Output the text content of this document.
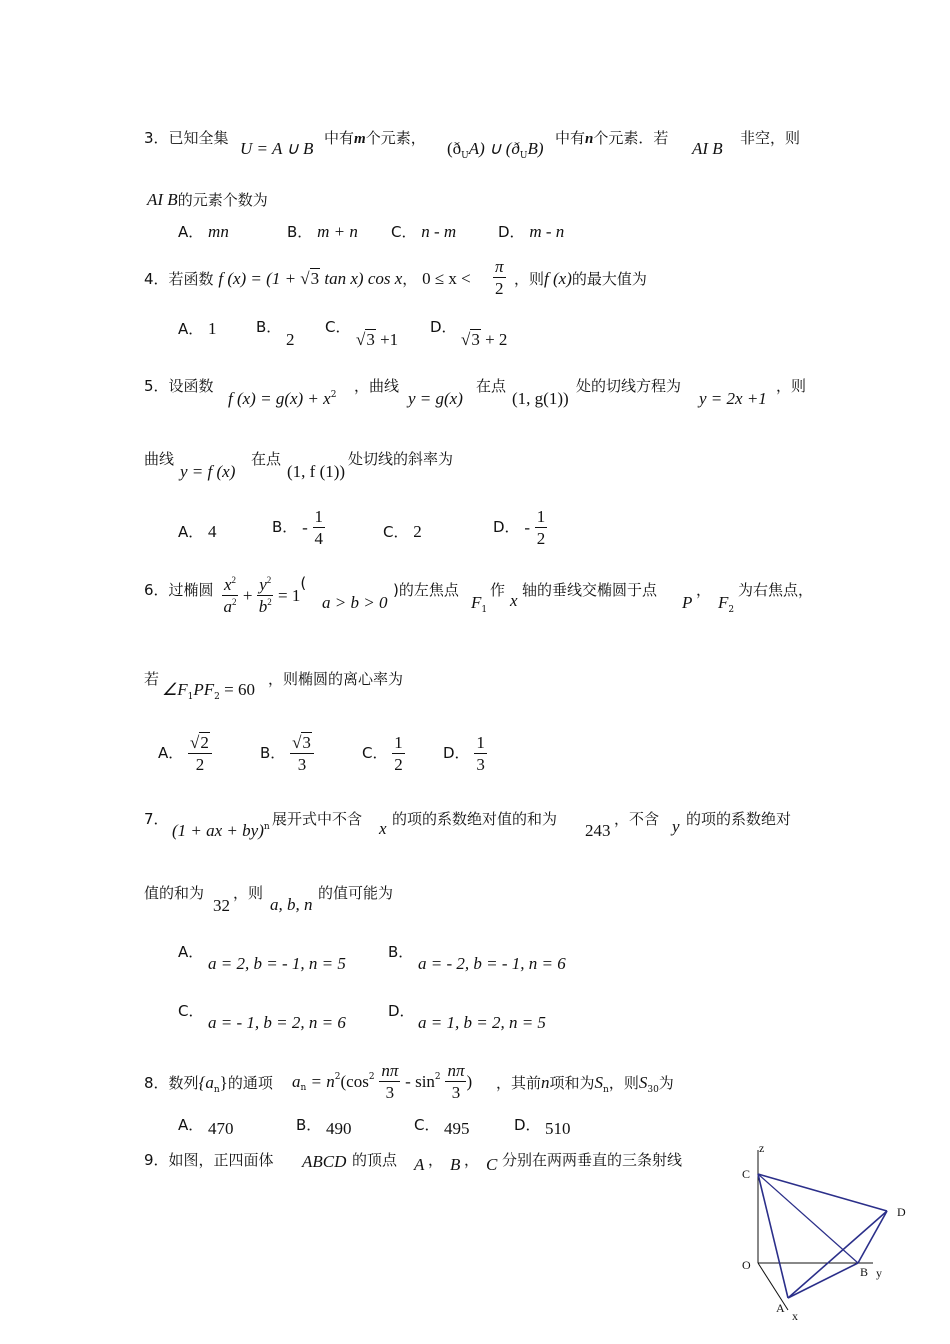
3．已知全集
U = A ∪ B
中有m个元素，
$(ð_UA)$ ∪ $(ð_UB)$
中有n个元素．若
AI B
非空，则
AI B的元素个数为
A． mn	B． m + n C． n - m	D． m - n
4．若函数 f (x) = (1 + √3 tan x) cos x， $0 \le x < \frac{\pi}{2}$ ，则f (x)的最大值为
A． 1	B．
2
C．
√3 +1
D．
√3 + 2
5．设函数
f $(x) = g(x) + x^2$ ，曲线
y = g(x)
在点
(1, g(1))
处的切线方程为
y = 2x +1
，则
曲线
y = f (x)
在点
(1, f (1))
处切线的斜率为
A． 4	B． - $\frac{1}{4}$	C． 2	D． - $\frac{1}{2}$
6．过椭圆 $\frac{x^2}{a^2} + \frac{y^2}{b^2} = 1$(
a > b > 0
)的左焦点
$F_1$
作
x
轴的垂线交椭圆于点
P
，
$F_2$
为右焦点，
若
$\angle F_1PF_2 = 60$
，则椭圆的离心率为
A． $\frac{√2}{2}$	B． $\frac{√3}{3}$	C． $\frac{1}{2}$	D． $\frac{1}{3}$
7．
(1 + ax + by)$^n$ 展开式中不含 x 的项的系数绝对值的和为
243
，不含 y 的项的系数绝对
值的和为
32
，则
a, b, n
的值可能为
A．
a = 2, b = - 1, n = 5
B．
a = - 2, b = - 1, n = 6
C．
a = - 1, b = 2, n = 6
D．
a = 1, b = 2, n = 5
8．数列$\{a_n\}$的通项 $a_n = n^2(\cos^2 \frac{n\pi}{3} - \sin^2 \frac{n\pi}{3}$ ) ，其前n项和为$S_n$，则$S_{30}$为
A． 470	B． 490	C． 495	D． 510
9．如图，正四面体 ABCD 的顶点 A ， B ， C 分别在两两垂直的三条射线
z
C
D
O	B y
A
x
